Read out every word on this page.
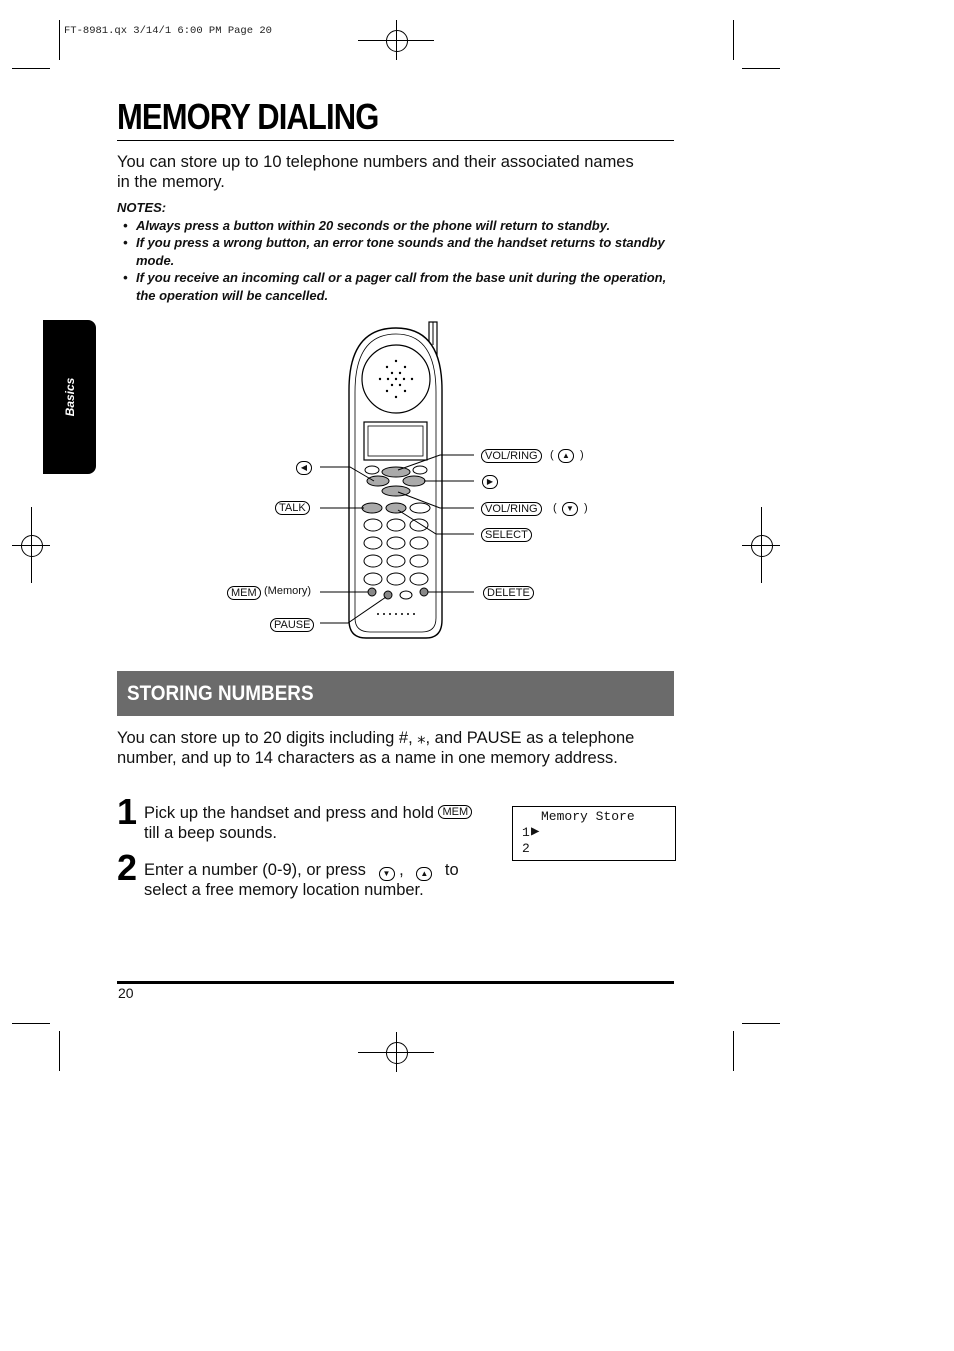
FT-8981.qx 3/14/1 6:00 PM Page 20
MEMORY DIALING
You can store up to 10 telephone numbers and their associated names in the memory.
NOTES:
• Always press a button within 20 seconds or the phone will return to standby.
• If you press a wrong button, an error tone sounds and the handset returns to standby mode.
• If you receive an incoming call or a pager call from the base unit during the operation, the operation will be cancelled.
Basics
◀
▶
VOL/RING	(	▲ )
TALK	VOL/RING	(	▼ )
SELECT
MEM (Memory)	DELETE
PAUSE
STORING NUMBERS
You can store up to 20 digits including #, ⁎, and PAUSE as a telephone number, and up to 14 characters as a name in one memory address.
1 Pick up the handset and press and hold MEM
till a beep sounds.
2 Enter a number (0-9), or press ▼ , ▲ to
select a free memory location number.
Memory Store
1 ▶
2
20
